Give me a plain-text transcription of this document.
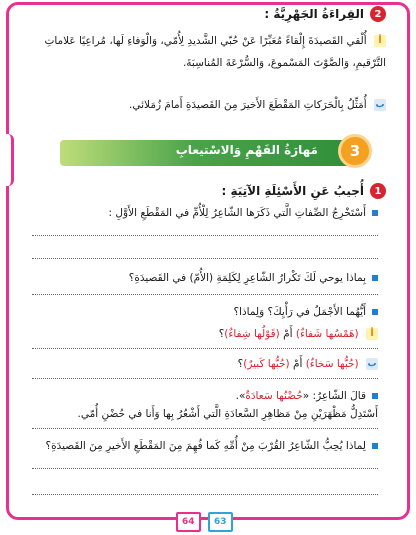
2
القِراءَةُ الجَهْرِيَّةُ :
أ أُلْقي القَصيدَةَ إِلْقاءً مُعَبِّرًا عَنْ حُبّي الشَّديدِ لِأُمّي، وَالْوَفاءِ لَها، مُراعِيًا عَلاماتِ التَّرْقيمِ، وَالصَّوْتَ المَسْموعَ، وَالسُّرْعَةَ المُناسِبَةَ.
ب أُمَثِّلُ بِالْحَرَكاتِ المَقْطَعَ الأَخيرَ مِنَ القَصيدَةِ أَمامَ زُمَلائي.
مَهارَةُ الفَهْمِ وَالاسْتيعابِ	3
1
أُجيبُ عَنِ الأَسْئِلَةِ الآتِيَةِ :
أَسْتَخْرِجُ الصِّفاتِ الَّتي ذَكَرَها الشّاعِرُ لِلْأُمِّ في المَقْطَعِ الأَوَّلِ :
بِماذا يوحي لَكَ تَكْرارُ الشّاعِرِ لِكَلِمَةِ (الأُمّ) في القَصيدَةِ؟
أَيُّهُما الأَجْمَلُ في رَأْيِكَ؟ وَلِماذا؟
أ (هَمْسُها شَفاءٌ) أَمْ (قَوْلُها شِفاءٌ)؟
ب (حُبُّها سَخاءٌ) أَمْ (حُبُّها كَبيرٌ)؟
قالَ الشّاعِرُ: «حُضْنُها سَعادَةٌ».
أَسْتَدِلُّ مَظْهَرَيْنِ مِنْ مَظاهِرِ السَّعادَةِ الَّتي أَشْعُرُ بِها وَأَنا في حُضْنِ أُمّي.
لِماذا يُحِبُّ الشّاعِرُ القُرْبَ مِنْ أُمِّهِ كَما فُهِمَ مِنَ المَقْطَعِ الأَخيرِ مِنَ القَصيدَةِ؟
64	63
